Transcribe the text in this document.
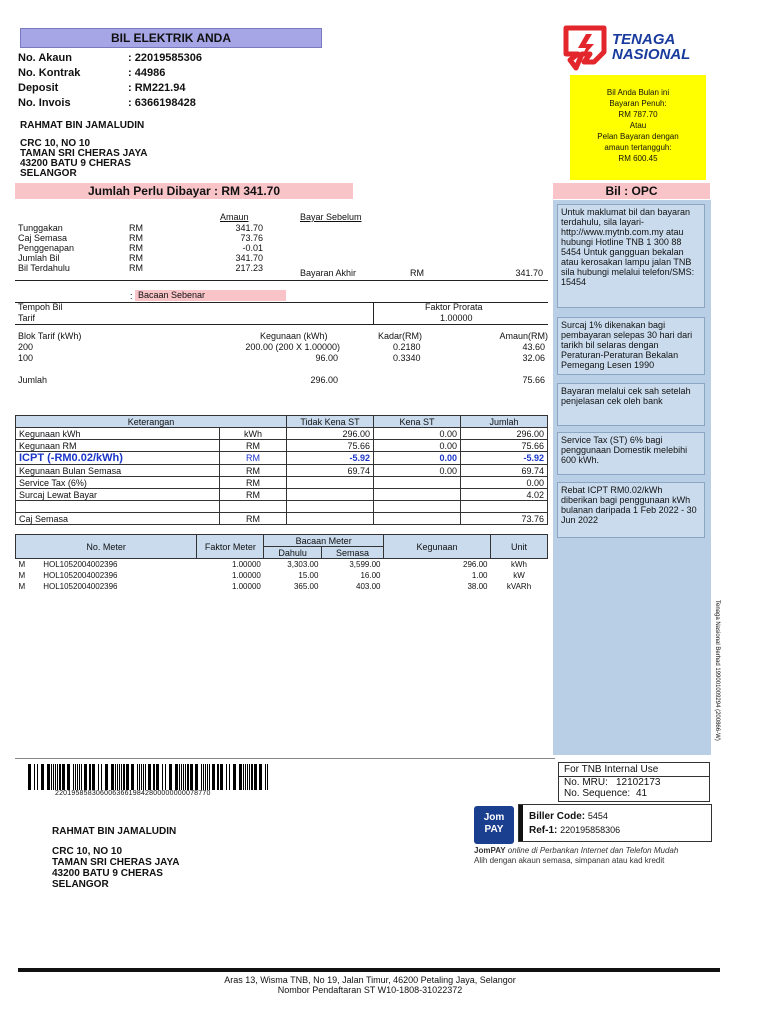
BIL ELEKTRIK ANDA
No. Akaun	: 22019585306
No. Kontrak	: 44986
Deposit	: RM221.94
No. Invois	: 6366198428
RAHMAT BIN JAMALUDIN
CRC 10, NO 10
TAMAN SRI CHERAS JAYA
43200 BATU 9 CHERAS
SELANGOR
TENAGA
NASIONAL
Bil Anda Bulan ini
Bayaran Penuh:
RM 787.70
Atau
Pelan Bayaran dengan
amaun tertangguh:
RM 600.45
Jumlah Perlu Dibayar : RM 341.70	Bil : OPC
Amaun	Bayar Sebelum
Tunggakan	RM	341.70
Caj Semasa	RM	73.76
Penggenapan	RM	-0.01
Jumlah Bil	RM	341.70
Bil Terdahulu	RM	217.23	Bayaran Akhir	RM	341.70
: Bacaan Sebenar
Tempoh Bil
Tarif
Faktor Prorata
1.00000
Blok Tarif (kWh)	Kegunaan (kWh)	Kadar(RM)	Amaun(RM)
200	200.00 (200 X 1.00000)	0.2180	43.60
100	96.00	0.3340	32.06
Jumlah	296.00	75.66
Keterangan		Tidak Kena ST	Kena ST	Jumlah
Kegunaan kWh	kWh	296.00	0.00	296.00
Kegunaan RM	RM	75.66	0.00	75.66
ICPT (-RM0.02/kWh)	RM	-5.92	0.00	-5.92
Kegunaan Bulan Semasa	RM	69.74	0.00	69.74
Service Tax (6%)	RM			0.00
Surcaj Lewat Bayar	RM			4.02

Caj Semasa	RM			73.76
No. Meter		Faktor Meter	Bacaan Meter		Kegunaan	Unit
			Dahulu	Semasa		
M	HOL1052004002396	1.00000	3,303.00	3,599.00	296.00	kWh
M	HOL1052004002396	1.00000	15.00	16.00	1.00	kW
M	HOL1052004002396	1.00000	365.00	403.00	38.00	kVARh
Untuk maklumat bil dan bayaran terdahulu, sila layari- http://www.mytnb.com.my atau hubungi Hotline TNB 1 300 88 5454 Untuk gangguan bekalan atau kerosakan lampu jalan TNB sila hubungi melalui telefon/SMS: 15454
Surcaj 1% dikenakan bagi pembayaran selepas 30 hari dari tarikh bil selaras dengan Peraturan-Peraturan Bekalan Pemegang Lesen 1990
Bayaran melalui cek sah setelah penjelasan cek oleh bank
Service Tax (ST) 6% bagi penggunaan Domestik melebihi 600 kWh.
Rebat ICPT RM0.02/kWh diberikan bagi penggunaan kWh bulanan daripada 1 Feb 2022 - 30 Jun 2022
Tenaga Nasional Berhad 199001009294 (200866-W)
22019585830600636619842800000000078770
For TNB Internal Use
No. MRU: 12102173
No. Sequence: 41
RAHMAT BIN JAMALUDIN
CRC 10, NO 10
TAMAN SRI CHERAS JAYA
43200 BATU 9 CHERAS
SELANGOR
Jom
PAY
Biller Code: 5454
Ref-1: 220195858306
JomPAY online di Perbankan Internet dan Telefon Mudah
Alih dengan akaun semasa, simpanan atau kad kredit
Aras 13, Wisma TNB, No 19, Jalan Timur, 46200 Petaling Jaya, Selangor
Nombor Pendaftaran ST W10-1808-31022372
